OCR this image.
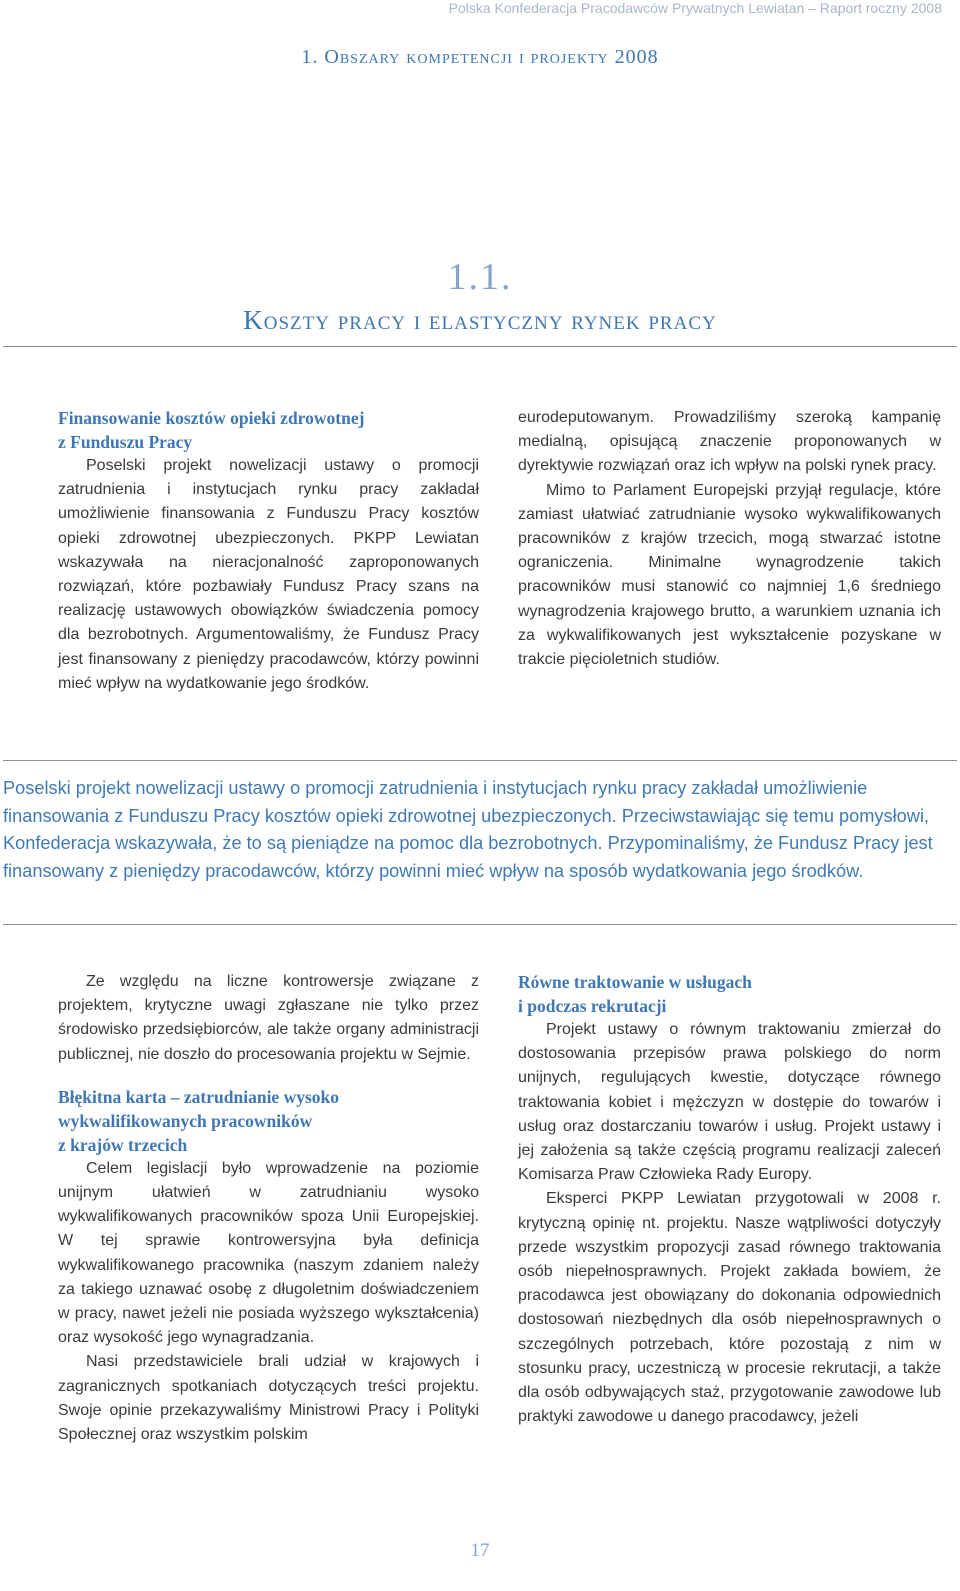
Polska Konfederacja Pracodawców Prywatnych Lewiatan – Raport roczny 2008
1. Obszary kompetencji i projekty 2008
1.1.
Koszty pracy i elastyczny rynek pracy
Finansowanie kosztów opieki zdrowotnej
z Funduszu Pracy

Poselski projekt nowelizacji ustawy o promocji zatrudnienia i instytucjach rynku pracy zakładał umożliwienie finansowania z Funduszu Pracy kosztów opieki zdrowotnej ubezpieczonych. PKPP Lewiatan wskazywała na nieracjonalność zaproponowanych rozwiązań, które pozbawiały Fundusz Pracy szans na realizację ustawowych obowiązków świadczenia pomocy dla bezrobotnych. Argumentowaliśmy, że Fundusz Pracy jest finansowany z pieniędzy pracodawców, którzy powinni mieć wpływ na wydatkowanie jego środków.

eurodeputowanym. Prowadziliśmy szeroką kampanię medialną, opisującą znaczenie proponowanych w dyrektywie rozwiązań oraz ich wpływ na polski rynek pracy.

Mimo to Parlament Europejski przyjął regulacje, które zamiast ułatwiać zatrudnianie wysoko wykwalifikowanych pracowników z krajów trzecich, mogą stwarzać istotne ograniczenia. Minimalne wynagrodzenie takich pracowników musi stanowić co najmniej 1,6 średniego wynagrodzenia krajowego brutto, a warunkiem uznania ich za wykwalifikowanych jest wykształcenie pozyskane w trakcie pięcioletnich studiów.

Poselski projekt nowelizacji ustawy o promocji zatrudnienia i instytucjach rynku pracy zakładał umożliwienie finansowania z Funduszu Pracy kosztów opieki zdrowotnej ubezpieczonych. Przeciwstawiając się temu pomysłowi, Konfederacja wskazywała, że to są pieniądze na pomoc dla bezrobotnych. Przypominaliśmy, że Fundusz Pracy jest finansowany z pieniędzy pracodawców, którzy powinni mieć wpływ na sposób wydatkowania jego środków.

Ze względu na liczne kontrowersje związane z projektem, krytyczne uwagi zgłaszane nie tylko przez środowisko przedsiębiorców, ale także organy administracji publicznej, nie doszło do procesowania projektu w Sejmie.

Błękitna karta – zatrudnianie wysoko
wykwalifikowanych pracowników
z krajów trzecich

Celem legislacji było wprowadzenie na poziomie unijnym ułatwień w zatrudnianiu wysoko wykwalifikowanych pracowników spoza Unii Europejskiej. W tej sprawie kontrowersyjna była definicja wykwalifikowanego pracownika (naszym zdaniem należy za takiego uznawać osobę z długoletnim doświadczeniem w pracy, nawet jeżeli nie posiada wyższego wykształcenia) oraz wysokość jego wynagradzania.

Nasi przedstawiciele brali udział w krajowych i zagranicznych spotkaniach dotyczących treści projektu. Swoje opinie przekazywaliśmy Ministrowi Pracy i Polityki Społecznej oraz wszystkim polskim

Równe traktowanie w usługach
i podczas rekrutacji

Projekt ustawy o równym traktowaniu zmierzał do dostosowania przepisów prawa polskiego do norm unijnych, regulujących kwestie, dotyczące równego traktowania kobiet i mężczyzn w dostępie do towarów i usług oraz dostarczaniu towarów i usług. Projekt ustawy i jej założenia są także częścią programu realizacji zaleceń Komisarza Praw Człowieka Rady Europy.

Eksperci PKPP Lewiatan przygotowali w 2008 r. krytyczną opinię nt. projektu. Nasze wątpliwości dotyczyły przede wszystkim propozycji zasad równego traktowania osób niepełnosprawnych. Projekt zakłada bowiem, że pracodawca jest obowiązany do dokonania odpowiednich dostosowań niezbędnych dla osób niepełnosprawnych o szczególnych potrzebach, które pozostają z nim w stosunku pracy, uczestniczą w procesie rekrutacji, a także dla osób odbywających staż, przygotowanie zawodowe lub praktyki zawodowe u danego pracodawcy, jeżeli

17
